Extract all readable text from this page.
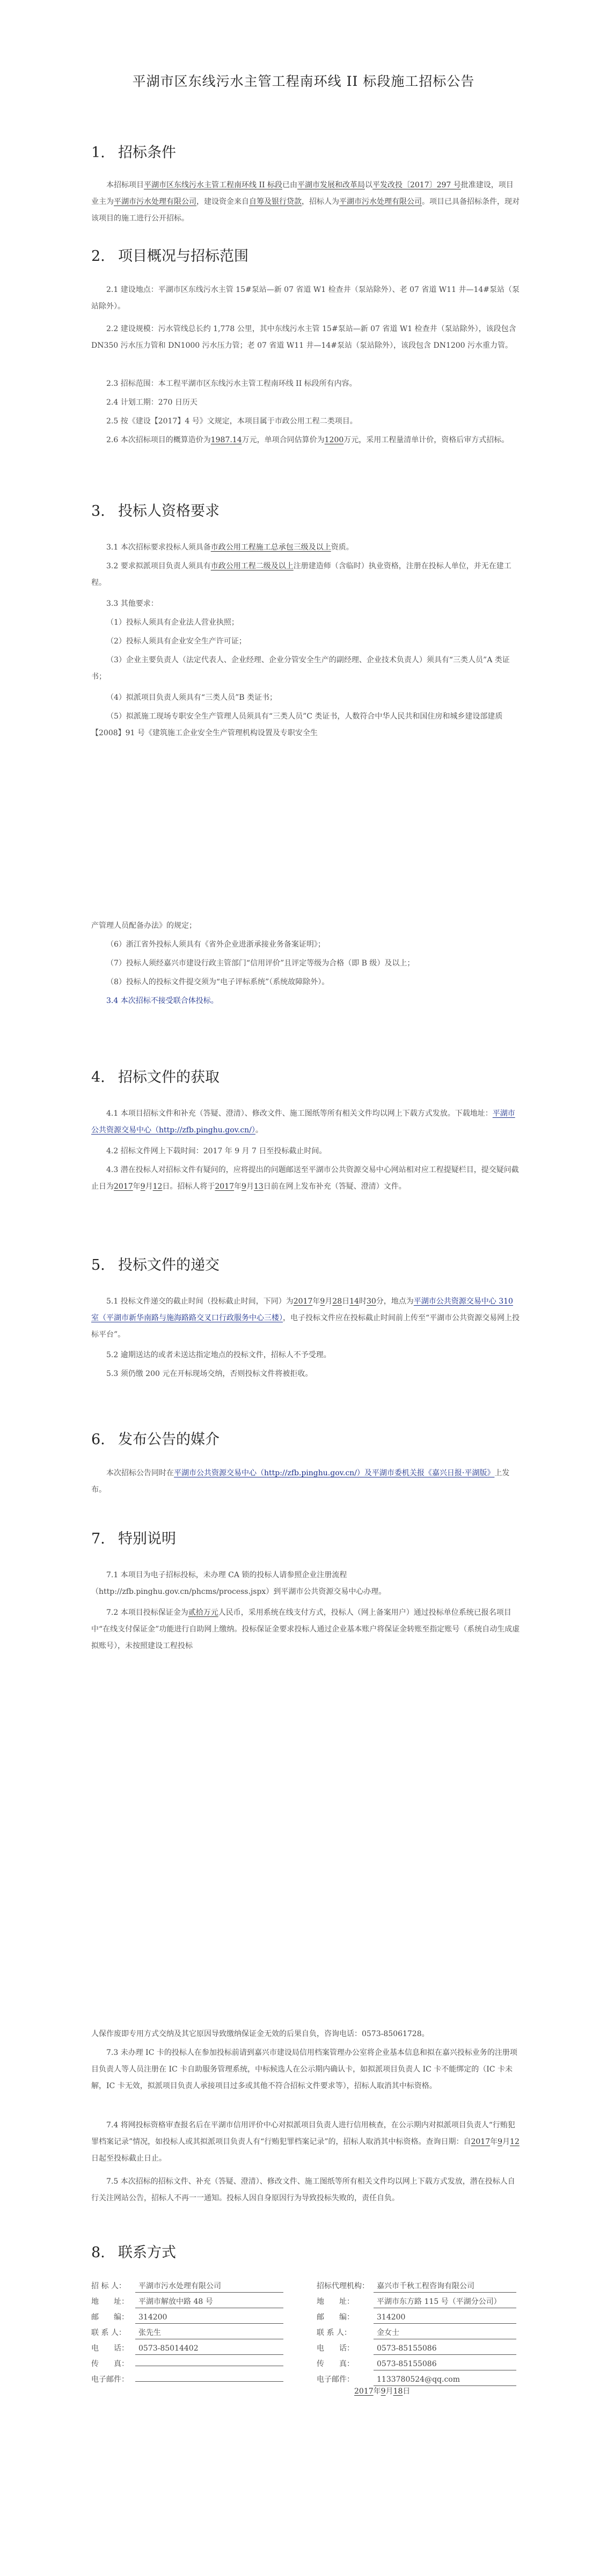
平湖市区东线污水主管工程南环线 II 标段施工招标公告
1. 招标条件
本招标项目平湖市区东线污水主管工程南环线 II 标段已由平湖市发展和改革局以平发改投〔2017〕297 号批准建设，项目业主为平湖市污水处理有限公司，建设资金来自自筹及银行贷款，招标人为平湖市污水处理有限公司。项目已具备招标条件，现对该项目的施工进行公开招标。
2. 项目概况与招标范围
2.1 建设地点：平湖市区东线污水主管 15#泵站—新 07 省道 W1 检查井（泵站除外）、老 07 省道 W11 井—14#泵站（泵站除外）。
2.2 建设规模：污水管线总长约 1,778 公里，其中东线污水主管 15#泵站—新 07 省道 W1 检查井（泵站除外），该段包含 DN350 污水压力管和 DN1000 污水压力管；老 07 省道 W11 井—14#泵站（泵站除外），该段包含 DN1200 污水重力管。
2.3 招标范围：本工程平湖市区东线污水主管工程南环线 II 标段所有内容。
2.4 计划工期：270 日历天
2.5 按《建设【2017】4 号》文规定，本项目属于市政公用工程二类项目。
2.6 本次招标项目的概算造价为1987.14万元，单项合同估算价为1200万元，采用工程量清单计价，资格后审方式招标。
3. 投标人资格要求
3.1 本次招标要求投标人须具备市政公用工程施工总承包三级及以上资质。
3.2 要求拟派项目负责人须具有市政公用工程二级及以上注册建造师（含临时）执业资格，注册在投标人单位，并无在建工程。
3.3 其他要求：
（1）投标人须具有企业法人营业执照；
（2）投标人须具有企业安全生产许可证；
（3）企业主要负责人（法定代表人、企业经理、企业分管安全生产的副经理、企业技术负责人）须具有“三类人员”A 类证书；
（4）拟派项目负责人须具有“三类人员”B 类证书；
（5）拟派施工现场专职安全生产管理人员须具有“三类人员”C 类证书，人数符合中华人民共和国住房和城乡建设部建质【2008】91 号《建筑施工企业安全生产管理机构设置及专职安全生
产管理人员配备办法》的规定；
（6）浙江省外投标人须具有《省外企业进浙承接业务备案证明》；
（7）投标人须经嘉兴市建设行政主管部门“信用评价”且评定等级为合格（即 B 级）及以上；
（8）投标人的投标文件提交须为“电子评标系统”（系统故障除外）。
3.4 本次招标不接受联合体投标。
4. 招标文件的获取
4.1 本项目招标文件和补充（答疑、澄清）、修改文件、施工图纸等所有相关文件均以网上下载方式发放。下载地址：平湖市公共资源交易中心（http://zfb.pinghu.gov.cn/）。
4.2 招标文件网上下载时间：2017 年 9 月 7 日至投标截止时间。
4.3 潜在投标人对招标文件有疑问的，应将提出的问题邮送至平湖市公共资源交易中心网站相对应工程提疑栏目，提交疑问截止日为2017年9月12日。招标人将于2017年9月13日前在网上发布补充（答疑、澄清）文件。
5. 投标文件的递交
5.1 投标文件递交的截止时间（投标截止时间，下同）为2017年9月28日14时30分，地点为平湖市公共资源交易中心 310 室（平湖市新华南路与施海路路交叉口行政服务中心三楼），电子投标文件应在投标截止时间前上传至“平湖市公共资源交易网上投标平台”。
5.2 逾期送达的或者未送达指定地点的投标文件，招标人不予受理。
5.3 须仍缴 200 元在开标现场交纳，否则投标文件将被拒收。
6. 发布公告的媒介
本次招标公告同时在平湖市公共资源交易中心（http://zfb.pinghu.gov.cn/）及平湖市委机关报《嘉兴日报·平湖版》上发布。
7. 特别说明
7.1 本项目为电子招标投标，未办理 CA 锁的投标人请参照企业注册流程（http://zfb.pinghu.gov.cn/phcms/process.jspx）到平湖市公共资源交易中心办理。
7.2 本项目投标保证金为贰拾万元人民币，采用系统在线支付方式，投标人（网上备案用户）通过投标单位系统已报名项目中“在线支付保证金”功能进行自助网上缴纳。投标保证金要求投标人通过企业基本账户将保证金转账至指定账号（系统自动生成虚拟账号），未按照建设工程投标
人保作废即专用方式交纳及其它原因导致缴纳保证金无效的后果自负，咨询电话：0573-85061728。
7.3 未办理 IC 卡的投标人在参加投标前请到嘉兴市建设局信用档案管理办公室将企业基本信息和拟在嘉兴投标业务的注册项目负责人等人员注册在 IC 卡自助服务管理系统，中标候选人在公示期内确认卡，如拟派项目负责人 IC 卡不能绑定的（IC 卡未解，IC 卡无效，拟派项目负责人承接项目过多或其他不符合招标文件要求等），招标人取消其中标资格。
7.4 将网投标资格审查报名后在平湖市信用评价中心对拟派项目负责人进行信用核查，在公示期内对拟派项目负责人“行贿犯罪档案记录”情况，如投标人或其拟派项目负责人有“行贿犯罪档案记录”的，招标人取消其中标资格。查询日期：自2017年9月12日起至投标截止日止。
7.5 本次招标的招标文件、补充（答疑、澄清）、修改文件、施工图纸等所有相关文件均以网上下载方式发放，潜在投标人自行关注网站公告，招标人不再一一通知。投标人因自身原因行为导致投标失败的，责任自负。
8. 联系方式
招 标 人： 平湖市污水处理有限公司
地　　址： 平湖市解放中路 48 号
邮　　编： 314200
联 系 人： 张先生
电　　话： 0573-85014402
传　　真：
电子邮件：
招标代理机构： 嘉兴市千秋工程咨询有限公司
地　　址：	平湖市东方路 115 号（平湖分公司）
邮　　编：	314200
联 系 人：	金女士
电　　话：	0573-85155086
传　　真：	0573-85155086
电子邮件：	1133780524@qq.com
2017年9月18日
